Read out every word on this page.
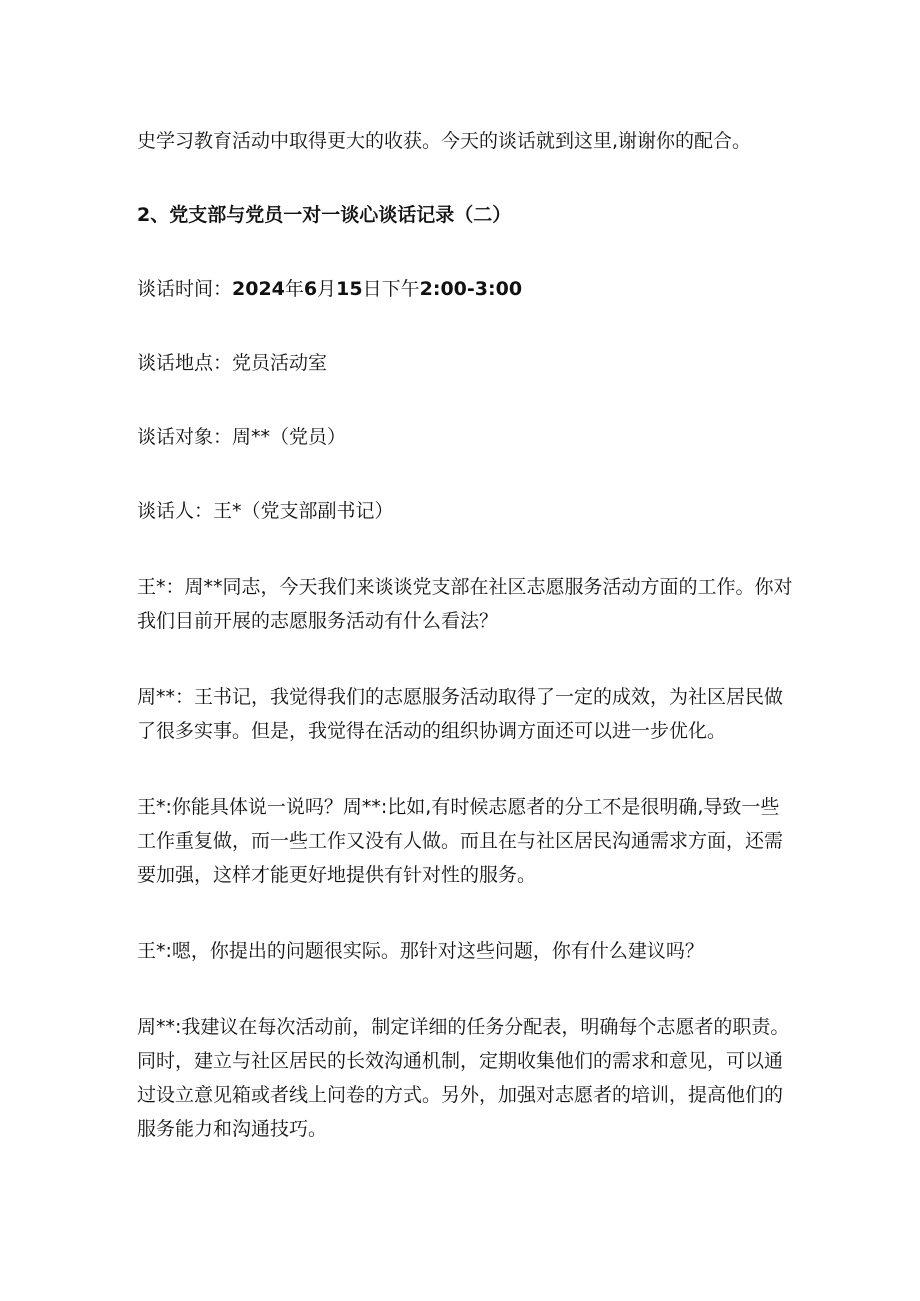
史学习教育活动中取得更大的收获。今天的谈话就到这里,谢谢你的配合。

2、党支部与党员一对一谈心谈话记录（二）

谈话时间：2024年6月15日下午2:00-3:00

谈话地点：党员活动室

谈话对象：周**（党员）

谈话人：王*（党支部副书记）

王*：周**同志，今天我们来谈谈党支部在社区志愿服务活动方面的工作。你对我们目前开展的志愿服务活动有什么看法？

周**：王书记，我觉得我们的志愿服务活动取得了一定的成效，为社区居民做了很多实事。但是，我觉得在活动的组织协调方面还可以进一步优化。

王*:你能具体说一说吗？周**:比如,有时候志愿者的分工不是很明确,导致一些工作重复做，而一些工作又没有人做。而且在与社区居民沟通需求方面，还需要加强，这样才能更好地提供有针对性的服务。

王*:嗯，你提出的问题很实际。那针对这些问题，你有什么建议吗？

周**:我建议在每次活动前，制定详细的任务分配表，明确每个志愿者的职责。同时，建立与社区居民的长效沟通机制，定期收集他们的需求和意见，可以通过设立意见箱或者线上问卷的方式。另外，加强对志愿者的培训，提高他们的服务能力和沟通技巧。
